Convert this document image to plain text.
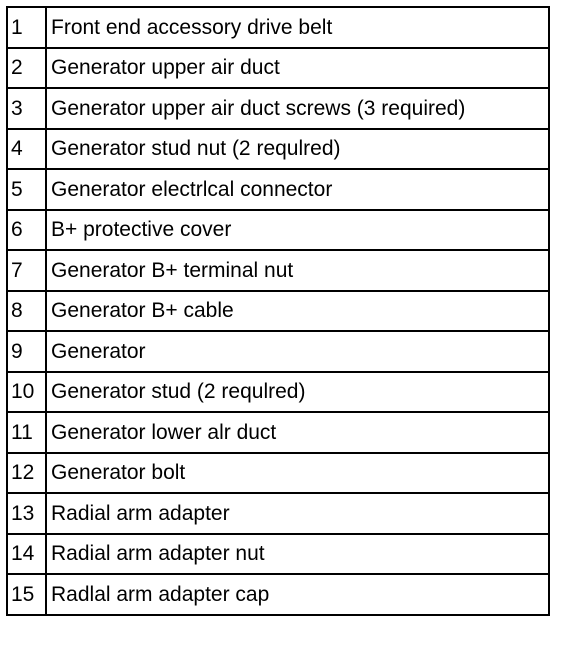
1	Front end accessory drive belt
2	Generator upper air duct
3	Generator upper air duct screws (3 required)
4	Generator stud nut (2 requlred)
5	Generator electrlcal connector
6	B+ protective cover
7	Generator B+ terminal nut
8	Generator B+ cable
9	Generator
10	Generator stud (2 requlred)
11	Generator lower alr duct
12	Generator bolt
13	Radial arm adapter
14	Radial arm adapter nut
15	Radlal arm adapter cap
